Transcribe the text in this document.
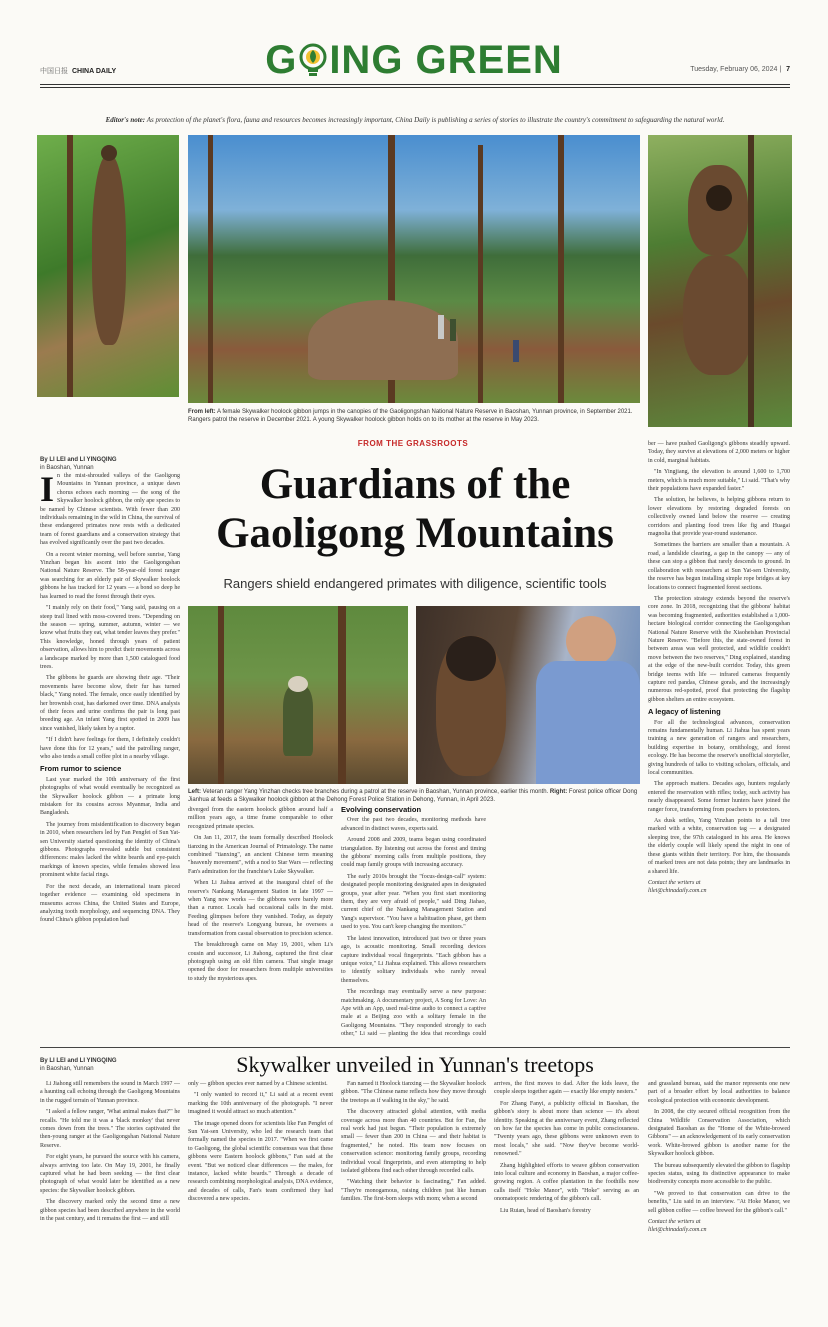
中国日报 CHINA DAILY	G ING GREEN	Tuesday, February 06, 2024 | 7
Editor's note: As protection of the planet's flora, fauna and resources becomes increasingly important, China Daily is publishing a series of stories to illustrate the country's commitment to safeguarding the natural world.
From left: A female Skywalker hoolock gibbon jumps in the canopies of the Gaoligongshan National Nature Reserve in Baoshan, Yunnan province, in September 2021. Rangers patrol the reserve in December 2021. A young Skywalker hoolock gibbon holds on to its mother at the reserve in May 2023.
By LI LEI and LI YINGQING
in Baoshan, Yunnan
FROM THE GRASSROOTS
Guardians of the
Gaoligong Mountains
Rangers shield endangered primates with diligence, scientific tools

In the mist-shrouded valleys of the Gaoligong Mountains in Yunnan province, a unique dawn chorus echoes each morning — the song of the Skywalker hoolock gibbon, the only ape species to be named by Chinese scientists. With fewer than 200 individuals remaining in the wild in China, the survival of these endangered primates now rests with a dedicated team of forest guardians and a conservation strategy that has evolved significantly over the past two decades.

On a recent winter morning, well before sunrise, Yang Yinzhan began his ascent into the Gaoligongshan National Nature Reserve. The 58-year-old forest ranger was searching for an elderly pair of Skywalker hoolock gibbons he has tracked for 12 years — a bond so deep he has learned to read the forest through their eyes.

"I mainly rely on their food," Yang said, pausing on a steep trail lined with moss-covered trees. "Depending on the season — spring, summer, autumn, winter — we know what fruits they eat, what tender leaves they prefer." This knowledge, honed through years of patient observation, allows him to predict their movements across a landscape marked by more than 1,500 catalogued food trees.

The gibbons he guards are showing their age. "Their movements have become slow, their fur has turned black," Yang noted. The female, once easily identified by her brownish coat, has darkened over time. DNA analysis of their feces and urine confirms the pair is long past breeding age. An infant Yang first spotted in 2009 has since vanished, likely taken by a raptor.

"If I didn't have feelings for them, I definitely couldn't have done this for 12 years," said the patrolling ranger, who also tends a small coffee plot in a nearby village.

From rumor to science

Last year marked the 10th anniversary of the first photographs of what would eventually be recognized as the Skywalker hoolock gibbon — a primate long mistaken for its cousins across Myanmar, India and Bangladesh.

The journey from misidentification to discovery began in 2010, when researchers led by Fan Pengfei of Sun Yat-sen University started questioning the identity of China's gibbons. Photographs revealed subtle but consistent differences: males lacked the white beards and eye-patch markings of known species, while females showed less prominent white facial rings.

For the next decade, an international team pieced together evidence — examining old specimens in museums across China, the United States and Europe, analyzing tooth morphology, and sequencing DNA. They found China's gibbon population had

Left: Veteran ranger Yang Yinzhan checks tree branches during a patrol at the reserve in Baoshan, Yunnan province, earlier this month. Right: Forest police officer Dong Jianhua at feeds a Skywalker hoolock gibbon at the Dehong Forest Police Station in Dehong, Yunnan, in April 2023.

diverged from the eastern hoolock gibbon around half a million years ago, a time frame comparable to other recognized primate species.

On Jan 11, 2017, the team formally described Hoolock tianxing in the American Journal of Primatology. The name combined "tianxing", an ancient Chinese term meaning "heavenly movement", with a nod to Star Wars — reflecting Fan's admiration for the franchise's Luke Skywalker.

When Li Jiahua arrived at the inaugural chief of the reserve's Nankang Management Station in late 1997 — when Yang now works — the gibbons were barely more than a rumor. Locals had occasional calls in the mist. Feeding glimpses before they vanished. Today, as deputy head of the reserve's Longyang bureau, he oversees a transformation from casual observation to precision science.

The breakthrough came on May 19, 2001, when Li's cousin and successor, Li Jiahong, captured the first clear photograph using an old film camera. That single image opened the door for researchers from multiple universities to study the mysterious apes.

Evolving conservation

Over the past two decades, monitoring methods have advanced in distinct waves, experts said.

Around 2008 and 2009, teams began using coordinated triangulation. By listening out across the forest and timing the gibbons' morning calls from multiple positions, they could map family groups with increasing accuracy.

The early 2010s brought the "focus-design-call" system: designated people monitoring designated apes in designated groups, year after year. "When you first start monitoring them, they are very afraid of people," said Ding Jiahao, current chief of the Nankang Management Station and Yang's supervisor. "You have a habituation phase, get them used to you. You can't keep changing the monitors."

The latest innovation, introduced just two or three years ago, is acoustic monitoring. Small recording devices capture individual vocal fingerprints. "Each gibbon has a unique voice," Li Jiahua explained. This allows researchers to identify solitary individuals who rarely reveal themselves.

The recordings may eventually serve a new purpose: matchmaking. A documentary project, A Song for Love: An Ape with an App, used real-time audio to connect a captive male at a Beijing zoo with a solitary female in the Gaoligong Mountains. "They responded strongly to each other," Li said — planting the idea that recordings could

ber — have pushed Gaoligong's gibbons steadily upward. Today, they survive at elevations of 2,000 meters or higher in cold, marginal habitats.

"In Yingjiang, the elevation is around 1,600 to 1,700 meters, which is much more suitable," Li said. "That's why their populations have expanded faster."

The solution, he believes, is helping gibbons return to lower elevations by restoring degraded forests on collectively owned land below the reserve — creating corridors and planting food trees like fig and Huagai magnolia that provide year-round sustenance.

Sometimes the barriers are smaller than a mountain. A road, a landslide clearing, a gap in the canopy — any of these can stop a gibbon that rarely descends to ground. In collaboration with researchers at Sun Yat-sen University, the reserve has begun installing simple rope bridges at key locations to connect fragmented forest sections.

The protection strategy extends beyond the reserve's core zone. In 2018, recognizing that the gibbons' habitat was becoming fragmented, authorities established a 1,000-hectare biological corridor connecting the Gaoligongshan National Nature Reserve with the Xiaoheishan Provincial Nature Reserve. "Before this, the state-owned forest in between areas was well protected, and wildlife couldn't move between the two reserves," Ding explained, standing at the edge of the new-built corridor. Today, this green bridge teems with life — infrared cameras frequently capture red pandas, Chinese gorals, and the increasingly numerous red-spotted, proof that protecting the flagship gibbon shelters an entire ecosystem.

A legacy of listening

For all the technological advances, conservation remains fundamentally human. Li Jiahua has spent years training a new generation of rangers and researchers, building expertise in botany, ornithology, and forest ecology. He has become the reserve's unofficial storyteller, giving hundreds of talks to visiting scholars, officials, and local communities.

The approach matters. Decades ago, hunters regularly entered the reservation with rifles; today, such activity has nearly disappeared. Some former hunters have joined the ranger force, transforming from poachers to protectors.

As dusk settles, Yang Yinzhan points to a tall tree marked with a white, conservation tag — a designated sleeping tree, the 97th catalogued in his area. He knows the elderly couple will likely spend the night in one of these giants within their territory. For him, the thousands of marked trees are not data points; they are landmarks in a shared life.

Contact the writers at
lilei@chinadaily.com.cn
By LI LEI and LI YINGQING
in Baoshan, Yunnan	Skywalker unveiled in Yunnan's treetops

Li Jiahong still remembers the sound in March 1997 — a haunting call echoing through the Gaoligong Mountains in the rugged terrain of Yunnan province.

"I asked a fellow ranger, 'What animal makes that?'" he recalls. "He told me it was a 'black monkey' that never comes down from the trees." The stories captivated the then-young ranger at the Gaoligongshan National Nature Reserve.

For eight years, he pursued the source with his camera, always arriving too late. On May 19, 2001, he finally captured what he had been seeking — the first clear photograph of what would later be identified as a new species: the Skywalker hoolock gibbon.

The discovery marked only the second time a new gibbon species had been described anywhere in the world in the past century, and it remains the first — and still

only — gibbon species ever named by a Chinese scientist.

"I only wanted to record it," Li said at a recent event marking the 10th anniversary of the photograph. "I never imagined it would attract so much attention."

The image opened doors for scientists like Fan Pengfei of Sun Yat-sen University, who led the research team that formally named the species in 2017. "When we first came to Gaoligong, the global scientific consensus was that these gibbons were Eastern hoolock gibbons," Fan said at the event. "But we noticed clear differences — the males, for instance, lacked white beards." Through a decade of research combining morphological analysis, DNA evidence, and decades of calls, Fan's team confirmed they had discovered a new species.

Fan named it Hoolock tianxing — the Skywalker hoolock gibbon. "The Chinese name reflects how they move through the treetops as if walking in the sky," he said.

The discovery attracted global attention, with media coverage across more than 40 countries. But for Fan, the real work had just begun. "Their population is extremely small — fewer than 200 in China — and their habitat is fragmented," he noted. His team now focuses on conservation science: monitoring family groups, recording individual vocal fingerprints, and even attempting to help isolated gibbons find each other through recorded calls.

"Watching their behavior is fascinating," Fan added. "They're monogamous, raising children just like human families. The first-born sleeps with mom; when a second

arrives, the first moves to dad. After the kids leave, the couple sleeps together again — exactly like empty nesters."

For Zhang Fanyi, a publicity official in Baoshan, the gibbon's story is about more than science — it's about identity. Speaking at the anniversary event, Zhang reflected on how far the species has come in public consciousness. "Twenty years ago, these gibbons were unknown even to most locals," she said. "Now they've become world-renowned."

Zhang highlighted efforts to weave gibbon conservation into local culture and economy in Baoshan, a major coffee-growing region. A coffee plantation in the foothills now calls itself "Hoke Manor", with "Hoke" serving as an onomatopoeic rendering of the gibbon's call.

Liu Ruian, head of Baoshan's forestry

and grassland bureau, said the manor represents one new part of a broader effort by local authorities to balance ecological protection with economic development.

In 2008, the city secured official recognition from the China Wildlife Conservation Association, which designated Baoshan as the "Home of the White-browed Gibbons" — an acknowledgement of its early conservation work. White-browed gibbon is another name for the Skywalker hoolock gibbon.

The bureau subsequently elevated the gibbon to flagship species status, using its distinctive appearance to make biodiversity concepts more accessible to the public.

"We proved to that conservation can drive to the benefits," Liu said in an interview. "At Hoke Manor, we sell gibbon coffee — coffee brewed for the gibbon's call."

Contact the writers at
lilei@chinadaily.com.cn
